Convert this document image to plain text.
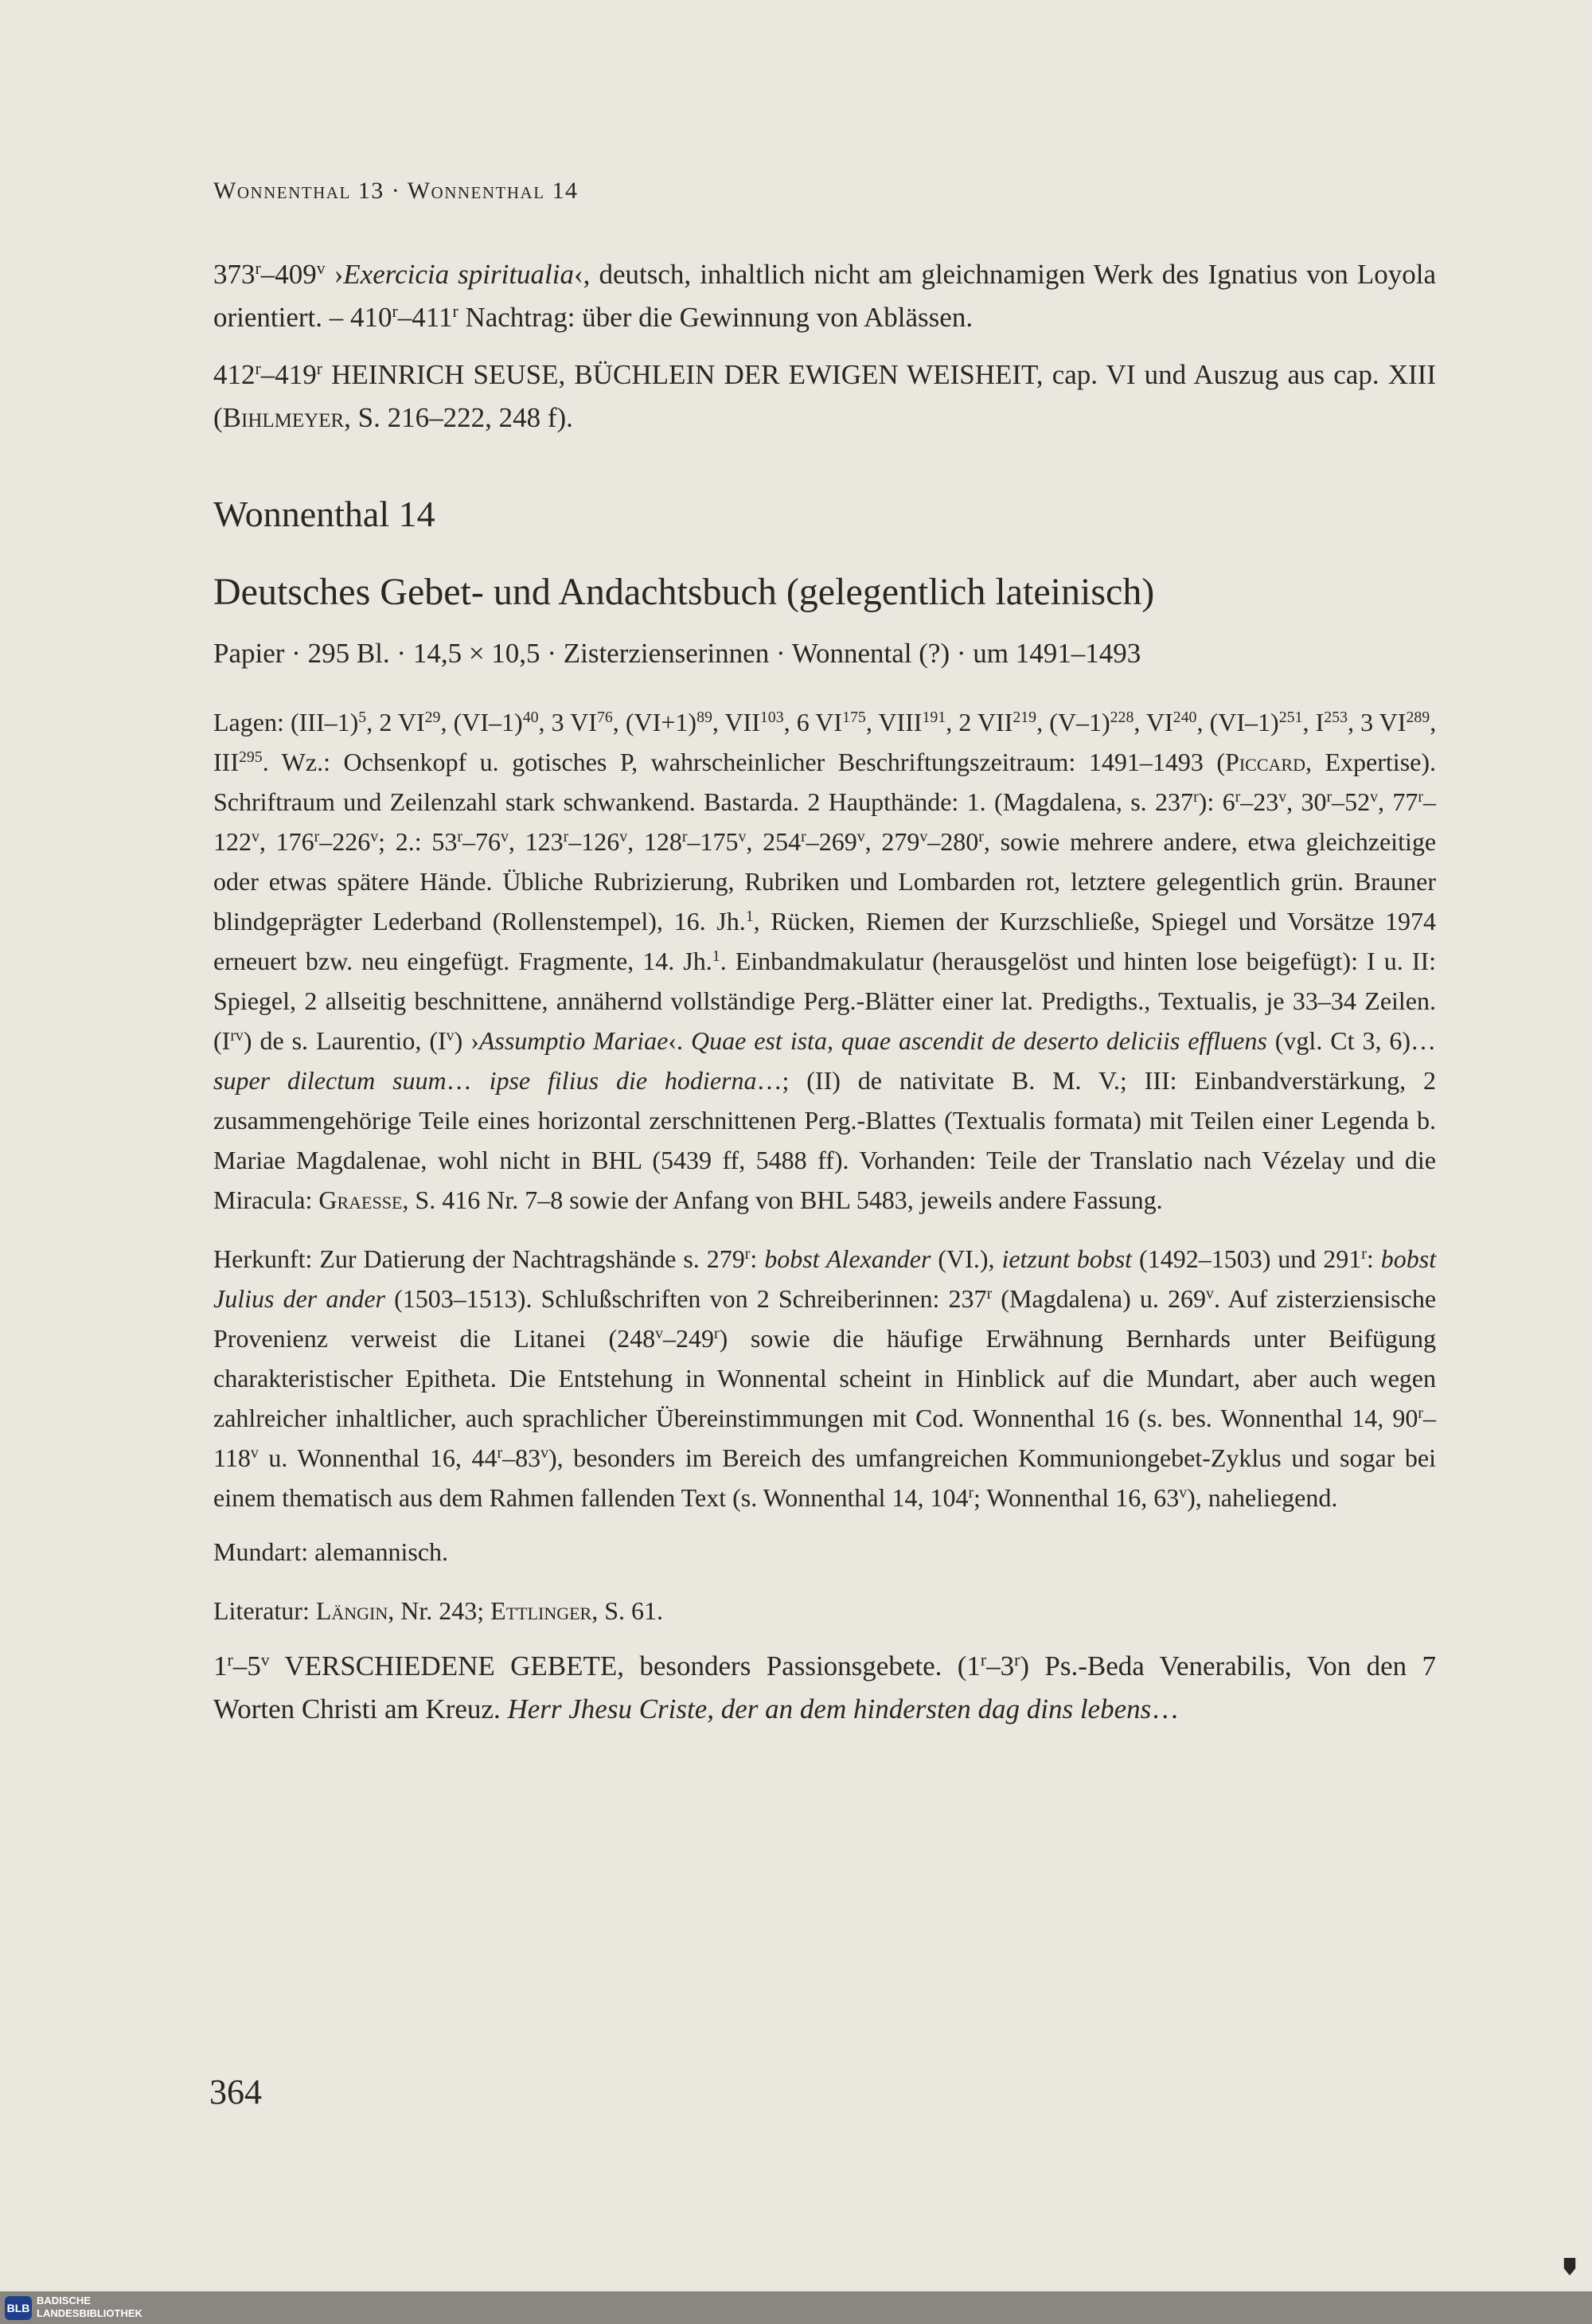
Wonnenthal 13 · Wonnenthal 14

373$^r$–409$^v$ ›Exercicia spiritualia‹, deutsch, inhaltlich nicht am gleichnamigen Werk des Ignatius von Loyola orientiert. – 410$^r$–411$^r$ Nachtrag: über die Gewinnung von Ablässen.

412$^r$–419$^r$ HEINRICH SEUSE, BÜCHLEIN DER EWIGEN WEISHEIT, cap. VI und Auszug aus cap. XIII (Bihlmeyer, S. 216–222, 248 f).

Wonnenthal 14
Deutsches Gebet- und Andachtsbuch (gelegentlich lateinisch)
Papier · 295 Bl. · 14,5 × 10,5 · Zisterzienserinnen · Wonnental (?) · um 1491–1493

Lagen: $(III-1)^5$, 2 VI$^{29}$, $(VI-1)^{40}$, 3 VI$^{76}$, $(VI+1)^{89}$, VII$^{103}$, 6 VI$^{175}$, VIII$^{191}$, 2 VII$^{219}$, $(V-1)^{228}$, VI$^{240}$, $(VI-1)^{251}$, $I^{253}$, 3 VI$^{289}$, III$^{295}$. Wz.: Ochsenkopf u. gotisches P, wahrscheinlicher Beschriftungszeitraum: 1491–1493 (Piccard, Expertise). Schriftraum und Zeilenzahl stark schwankend. Bastarda. 2 Haupthände: 1. (Magdalena, s. 237$^r$): 6$^r$–23$^v$, 30$^r$–52$^v$, 77$^r$–122$^v$, 176$^r$–226$^v$; 2.: 53$^r$–76$^v$, 123$^r$–126$^v$, 128$^r$–175$^v$, 254$^r$–269$^v$, 279$^v$–280$^r$, sowie mehrere andere, etwa gleichzeitige oder etwas spätere Hände. Übliche Rubrizierung, Rubriken und Lombarden rot, letztere gelegentlich grün. Brauner blindgeprägter Lederband (Rollenstempel), 16. Jh.$^1$, Rücken, Riemen der Kurzschließe, Spiegel und Vorsätze 1974 erneuert bzw. neu eingefügt. Fragmente, 14. Jh.$^1$. Einbandmakulatur (herausgelöst und hinten lose beigefügt): I u. II: Spiegel, 2 allseitig beschnittene, annähernd vollständige Perg.-Blätter einer lat. Predigths., Textualis, je 33–34 Zeilen. $(I^{rv})$ de s. Laurentio, $(I^v)$ ›Assumptio Mariae‹. Quae est ista, quae ascendit de deserto deliciis effluens (vgl. Ct 3, 6)… super dilectum suum… ipse filius die hodierna…; (II) de nativitate B. M. V.; III: Einbandverstärkung, 2 zusammengehörige Teile eines horizontal zerschnittenen Perg.-Blattes (Textualis formata) mit Teilen einer Legenda b. Mariae Magdalenae, wohl nicht in BHL (5439 ff, 5488 ff). Vorhanden: Teile der Translatio nach Vézelay und die Miracula: Graesse, S. 416 Nr. 7–8 sowie der Anfang von BHL 5483, jeweils andere Fassung.

Herkunft: Zur Datierung der Nachtragshände s. 279$^r$: bobst Alexander (VI.), ietzunt bobst (1492–1503) und 291$^r$: bobst Julius der ander (1503–1513). Schlußschriften von 2 Schreiberinnen: 237$^r$ (Magdalena) u. 269$^v$. Auf zisterziensische Provenienz verweist die Litanei (248$^v$–249$^r$) sowie die häufige Erwähnung Bernhards unter Beifügung charakteristischer Epitheta. Die Entstehung in Wonnental scheint in Hinblick auf die Mundart, aber auch wegen zahlreicher inhaltlicher, auch sprachlicher Übereinstimmungen mit Cod. Wonnenthal 16 (s. bes. Wonnenthal 14, 90$^r$–118$^v$ u. Wonnenthal 16, 44$^r$–83$^v$), besonders im Bereich des umfangreichen Kommuniongebet-Zyklus und sogar bei einem thematisch aus dem Rahmen fallenden Text (s. Wonnenthal 14, 104$^r$; Wonnenthal 16, 63$^v$), naheliegend.

Mundart: alemannisch.

Literatur: Längin, Nr. 243; Ettlinger, S. 61.

1$^r$–5$^v$ VERSCHIEDENE GEBETE, besonders Passionsgebete. (1$^r$–3$^r$) Ps.-Beda Venerabilis, Von den 7 Worten Christi am Kreuz. Herr Jhesu Criste, der an dem hindersten dag dins lebens…

364
BLB
BADISCHE
LANDESBIBLIOTHEK
